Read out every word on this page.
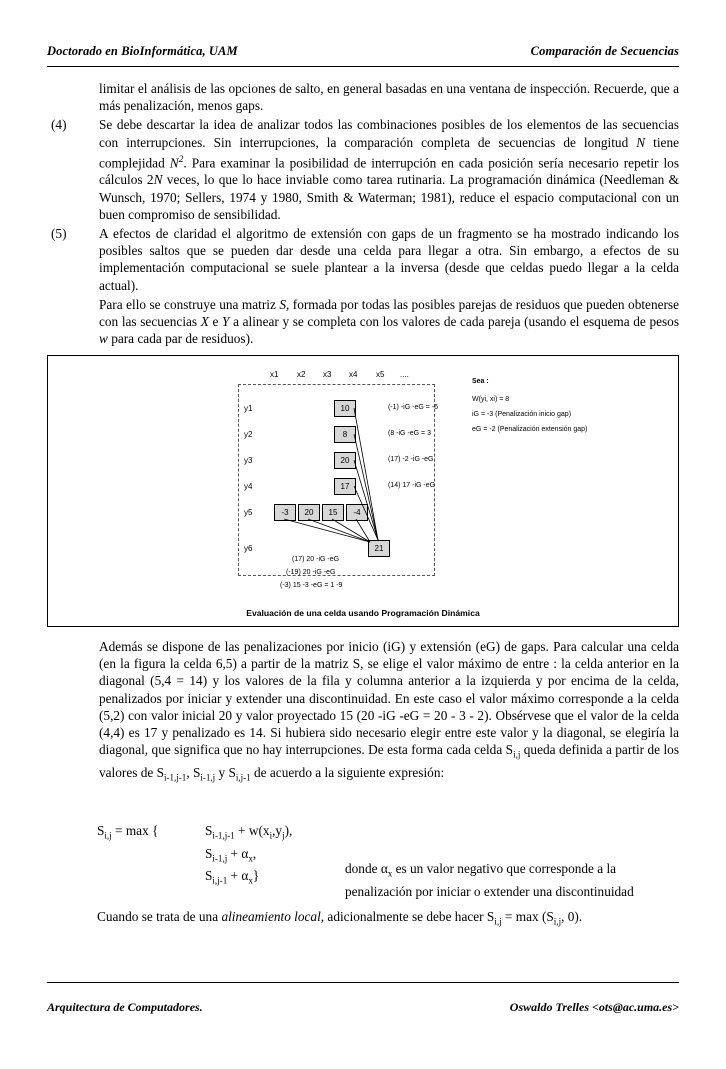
Doctorado en BioInformática, UAM	Comparación de Secuencias

limitar el análisis de las opciones de salto, en general basadas en una ventana de inspección. Recuerde, que a más penalización, menos gaps.

(4) Se debe descartar la idea de analizar todos las combinaciones posibles de los elementos de las secuencias con interrupciones. Sin interrupciones, la comparación completa de secuencias de longitud N tiene complejidad $N^2$. Para examinar la posibilidad de interrupción en cada posición sería necesario repetir los cálculos 2N veces, lo que lo hace inviable como tarea rutinaria. La programación dinámica (Needleman & Wunsch, 1970; Sellers, 1974 y 1980, Smith & Waterman; 1981), reduce el espacio computacional con un buen compromiso de sensibilidad.

(5) A efectos de claridad el algoritmo de extensión con gaps de un fragmento se ha mostrado indicando los posibles saltos que se pueden dar desde una celda para llegar a otra. Sin embargo, a efectos de su implementación computacional se suele plantear a la inversa (desde que celdas puedo llegar a la celda actual).

Para ello se construye una matriz S, formada por todas las posibles parejas de residuos que pueden obtenerse con las secuencias X e Y a alinear y se completa con los valores de cada pareja (usando el esquema de pesos w para cada par de residuos).

x1 x2 x3 x4 x5 ....
y1
y2
y3
y4
y5
y6
10
8
20
17
-3	20	15	-4
21
(-1) -iG -eG = -6
(8 -iG -eG = 3
(17) -2 -iG -eG
(14) 17 -iG -eG
(17) 20 -iG -eG
(-19) 20 -iG -eG
(-3) 15 -3 -eG = 1 -9
Sea :
W(yi, xi) = 8
iG = -3 (Penalización inicio gap)
eG = -2 (Penalización extensión gap)
Evaluación de una celda usando Programación Dinámica

Además se dispone de las penalizaciones por inicio (iG) y extensión (eG) de gaps. Para calcular una celda (en la figura la celda 6,5) a partir de la matriz S, se elige el valor máximo de entre : la celda anterior en la diagonal (5,4 = 14) y los valores de la fila y columna anterior a la izquierda y por encima de la celda, penalizados por iniciar y extender una discontinuidad. En este caso el valor máximo corresponde a la celda (5,2) con valor inicial 20 y valor proyectado 15 (20 -iG -eG = 20 - 3 - 2). Obsérvese que el valor de la celda (4,4) es 17 y penalizado es 14. Si hubiera sido necesario elegir entre este valor y la diagonal, se elegiría la diagonal, que significa que no hay interrupciones. De esta forma cada celda $S_{i,j}$ queda definida a partir de los valores de $S_{i-1,j-1}$, $S_{i-1,j}$ y $S_{i,j-1}$ de acuerdo a la siguiente expresión:

$S_{i,j} = \max$ {	$S_{i-1,j-1} + w(x_i,y_j)$,
$S_{i-1,j} + \alpha_x$,
$S_{i,j-1} + \alpha_x$}	donde $\alpha_x$ es un valor negativo que corresponde a la penalización por iniciar o extender una discontinuidad
Cuando se trata de una alineamiento local, adicionalmente se debe hacer $S_{i,j} = \max (S_{i,j}$, 0).
Arquitectura de Computadores.	Oswaldo Trelles <ots@ac.uma.es>
